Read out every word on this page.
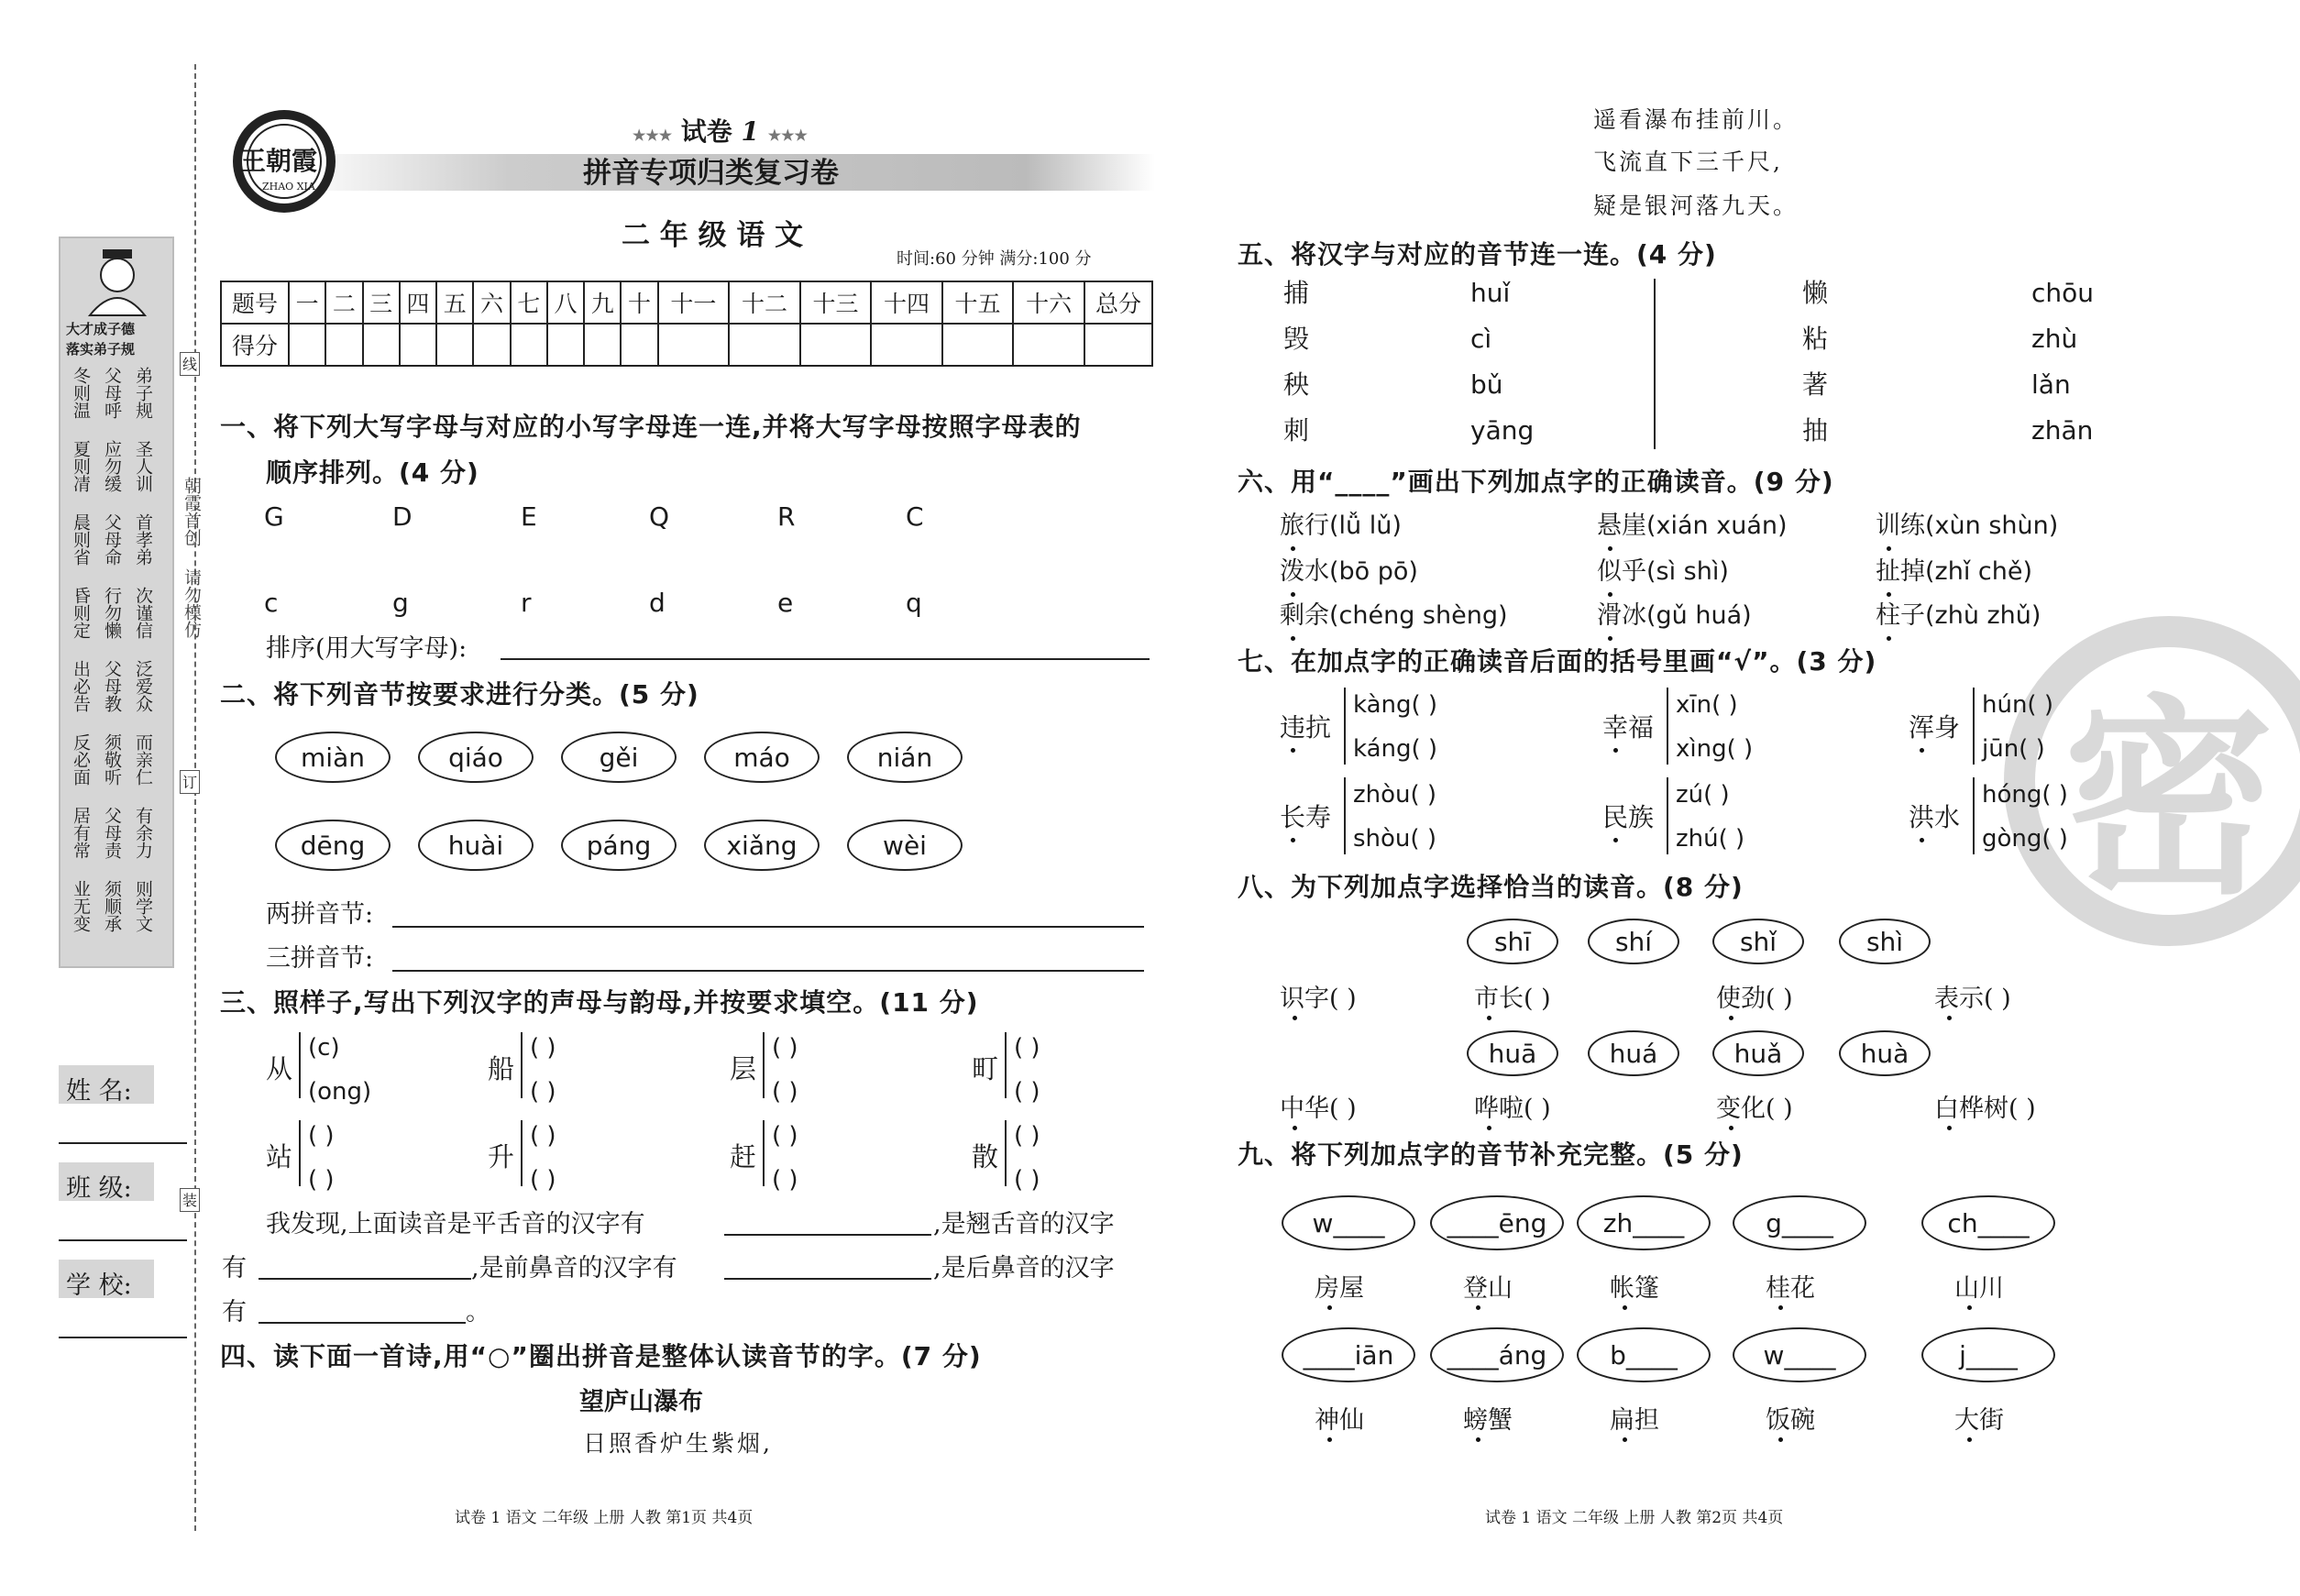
大才成子德
落实弟子规
冬则温 父母呼 弟子规
夏则凊 应勿缓 圣人训
晨则省 父母命 首孝弟
昏则定 行勿懒 次谨信
出必告 父母教 泛爱众
反必面 须敬听 而亲仁
居有常 父母责 有余力
业无变 须顺承 则学文
朝霞首创
请勿模仿
线
订
装
姓 名:
班 级:
学 校:
王朝霞
ZHAO XIA
★★★ 试卷 1 ★★★
拼音专项归类复习卷
二 年 级 语 文
时间:60 分钟 满分:100 分
题号	一	二	三	四	五	六	七	八	九	十	十一	十二	十三	十四	十五	十六	总分
得分																	
一、将下列大写字母与对应的小写字母连一连,并将大写字母按照字母表的
顺序排列。(4 分)
排序(用大写字母):
二、将下列音节按要求进行分类。(5 分)
两拼音节:
三拼音节:
三、照样子,写出下列汉字的声母与韵母,并按要求填空。(11 分)
我发现,上面读音是平舌音的汉字有	,是翘舌音的汉字
有	,是前鼻音的汉字有	,是后鼻音的汉字
有	。
四、读下面一首诗,用“○”圈出拼音是整体认读音节的字。(7 分)
望庐山瀑布
日照香炉生紫烟,
遥看瀑布挂前川。
飞流直下三千尺,
疑是银河落九天。
五、将汉字与对应的音节连一连。(4 分)
六、用“____”画出下列加点字的正确读音。(9 分)
七、在加点字的正确读音后面的括号里画“√”。(3 分)
八、为下列加点字选择恰当的读音。(8 分)
九、将下列加点字的音节补充完整。(5 分)
密
试卷 1 语文 二年级 上册 人教 第1页 共4页	试卷 1 语文 二年级 上册 人教 第2页 共4页
G	D	E	Q	R	C
c	g	r	d	e	q
miàn	qiáo	gěi	máo	nián
dēng	huài	páng	xiǎng	wèi
从
(c)
(ong)
船
( )
( )
层
( )
( )
町
( )
( )
站
( )
( )
升
( )
( )
赶
( )
( )
散
( )
( )
捕	huǐ	懒	chōu
毁	cì	粘	zhù
秧	bǔ	著	lǎn
刺	yāng	抽	zhān
旅行(lǚ lǔ)	悬崖(xián xuán)	训练(xùn shùn)
泼水(bō pō)	似乎(sì shì)	扯掉(zhǐ chě)
剩余(chéng shèng)	滑冰(gǔ huá)	柱子(zhù zhǔ)
违抗
kàng( )
káng( )
幸福
xīn( )
xìng( )
浑身
hún( )
jūn( )
长寿
zhòu( )
shòu( )
民族
zú( )
zhú( )
洪水
hóng( )
gòng( )
shī	shí	shǐ	shì
huā	huá	huǎ	huà
识字( )	市长( )	使劲( )	表示( )
中华( )	哗啦( )	变化( )	白桦树( )
w____	____ēng	zh____	g____	ch____
房屋	登山	帐篷	桂花	山川
____iān	____áng	b____	w____	j____
神仙	螃蟹	扁担	饭碗	大街
